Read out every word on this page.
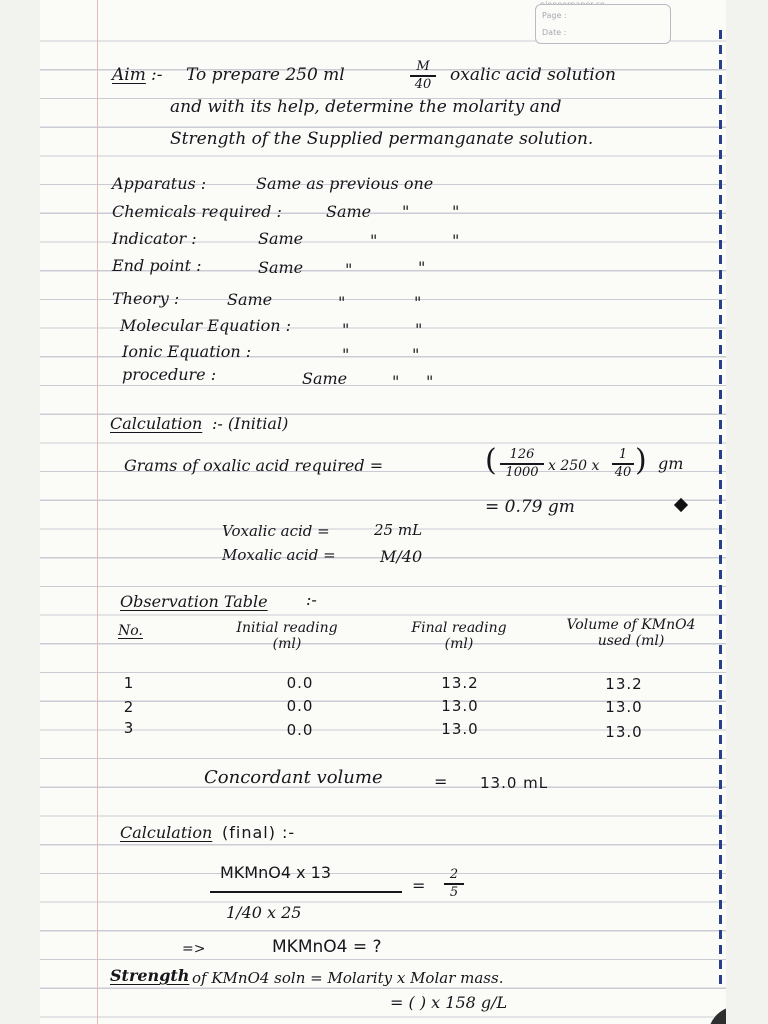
Page :
Date :
Aim :- To prepare 250 ml	M
40 oxalic acid solution
and with its help, determine the molarity and
Strength of the Supplied permanganate solution.
Apparatus :	Same as previous one
Chemicals required :	Same "	"
Indicator :	Same	"	"
End point :	Same	"	"
Theory :	Same	"	"
Molecular Equation :	"	"
Ionic Equation :	"	"
procedure :	Same	" "
Calculation :- (Initial)
Grams of oxalic acid required =	( 126
1000 x 250 x
1
40 ) gm
= 0.79 gm
Voxalic acid =	25 mL
Moxalic acid =	M/40
Observation Table :-
No.	Initial reading
(ml)
Final reading
(ml)
Volume of KMnO4
used (ml)
1	0.0	13.2	13.2
2	0.0	13.0	13.0
3	0.0	13.0	13.0
Concordant volume	= 13.0 mL
Calculation (final) :-
MKMnO4 x 13
1/40 x 25
=
2
5
=>	MKMnO4 = ?
Strength of KMnO4 soln = Molarity x Molar mass.
= ( ) x 158 g/L
